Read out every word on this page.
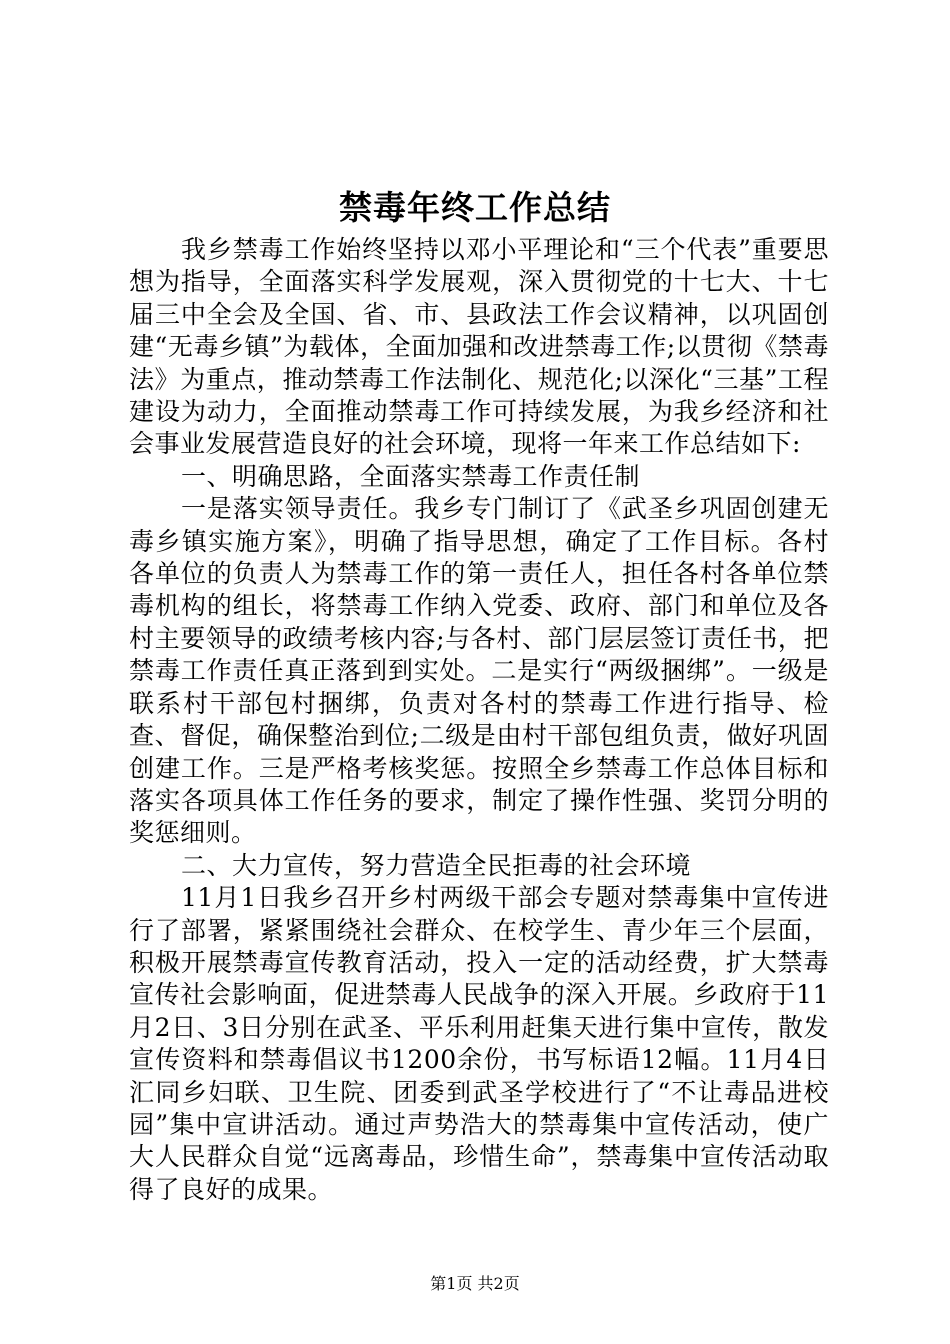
禁毒年终工作总结

我乡禁毒工作始终坚持以邓小平理论和“三个代表”重要思想为指导，全面落实科学发展观，深入贯彻党的十七大、十七届三中全会及全国、省、市、县政法工作会议精神，以巩固创建“无毒乡镇”为载体，全面加强和改进禁毒工作;以贯彻《禁毒法》为重点，推动禁毒工作法制化、规范化;以深化“三基”工程建设为动力，全面推动禁毒工作可持续发展，为我乡经济和社会事业发展营造良好的社会环境，现将一年来工作总结如下:

一、明确思路，全面落实禁毒工作责任制

一是落实领导责任。我乡专门制订了《武圣乡巩固创建无毒乡镇实施方案》，明确了指导思想，确定了工作目标。各村各单位的负责人为禁毒工作的第一责任人，担任各村各单位禁毒机构的组长，将禁毒工作纳入党委、政府、部门和单位及各村主要领导的政绩考核内容;与各村、部门层层签订责任书，把禁毒工作责任真正落到到实处。二是实行“两级捆绑”。一级是联系村干部包村捆绑，负责对各村的禁毒工作进行指导、检查、督促，确保整治到位;二级是由村干部包组负责，做好巩固创建工作。三是严格考核奖惩。按照全乡禁毒工作总体目标和落实各项具体工作任务的要求，制定了操作性强、奖罚分明的奖惩细则。

二、大力宣传，努力营造全民拒毒的社会环境

11月1日我乡召开乡村两级干部会专题对禁毒集中宣传进行了部署，紧紧围绕社会群众、在校学生、青少年三个层面，积极开展禁毒宣传教育活动，投入一定的活动经费，扩大禁毒宣传社会影响面，促进禁毒人民战争的深入开展。乡政府于11月2日、3日分别在武圣、平乐利用赶集天进行集中宣传，散发宣传资料和禁毒倡议书1200余份，书写标语12幅。11月4日汇同乡妇联、卫生院、团委到武圣学校进行了“不让毒品进校园”集中宣讲活动。通过声势浩大的禁毒集中宣传活动，使广大人民群众自觉“远离毒品，珍惜生命”，禁毒集中宣传活动取得了良好的成果。

第1页 共2页
